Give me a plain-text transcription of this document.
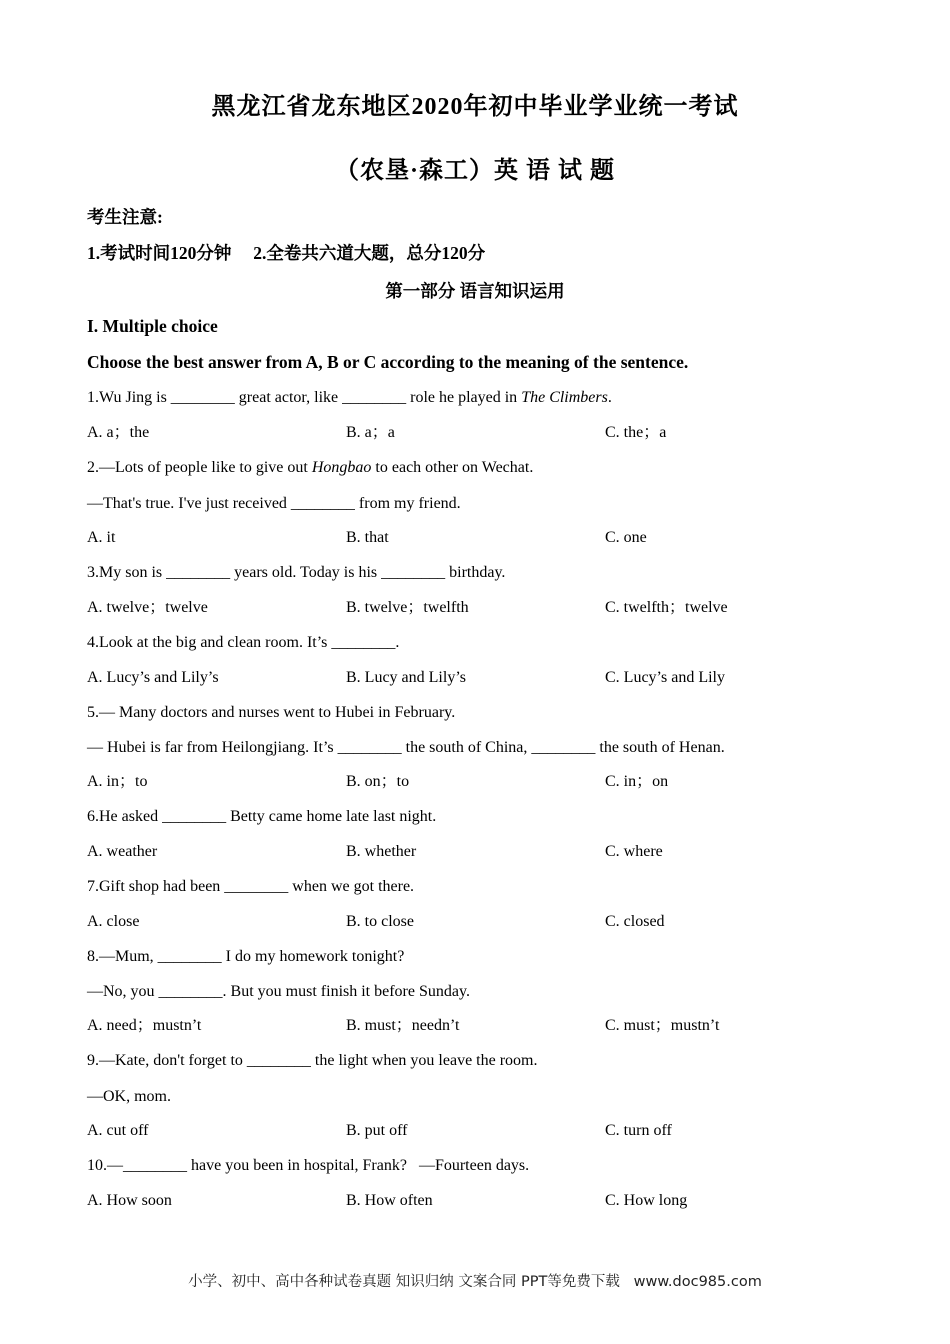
黑龙江省龙东地区2020年初中毕业学业统一考试
（农垦·森工）英 语 试 题
考生注意:
1.考试时间120分钟     2.全卷共六道大题，总分120分
第一部分 语言知识运用
I. Multiple choice
Choose the best answer from A, B or C according to the meaning of the sentence.
1.Wu Jing is ________ great actor, like ________ role he played in The Climbers.
A. a；the	B. a；a	C. the；a
2.—Lots of people like to give out Hongbao to each other on Wechat.
—That's true. I've just received ________ from my friend.
A. it	B. that	C. one
3.My son is ________ years old. Today is his ________ birthday.
A. twelve；twelve	B. twelve；twelfth	C. twelfth；twelve
4.Look at the big and clean room. It’s ________.
A. Lucy’s and Lily’s	B. Lucy and Lily’s	C. Lucy’s and Lily
5.— Many doctors and nurses went to Hubei in February.
— Hubei is far from Heilongjiang. It’s ________ the south of China, ________ the south of Henan.
A. in；to	B. on；to	C. in；on
6.He asked ________ Betty came home late last night.
A. weather	B. whether	C. where
7.Gift shop had been ________ when we got there.
A. close	B. to close	C. closed
8.—Mum, ________ I do my homework tonight?
—No, you ________. But you must finish it before Sunday.
A. need；mustn’t	B. must；needn’t	C. must；mustn’t
9.—Kate, don't forget to ________ the light when you leave the room.
—OK, mom.
A. cut off	B. put off	C. turn off
10.—________ have you been in hospital, Frank?   —Fourteen days.
A. How soon	B. How often	C. How long
小学、初中、高中各种试卷真题 知识归纳 文案合同 PPT等免费下载   www.doc985.com
